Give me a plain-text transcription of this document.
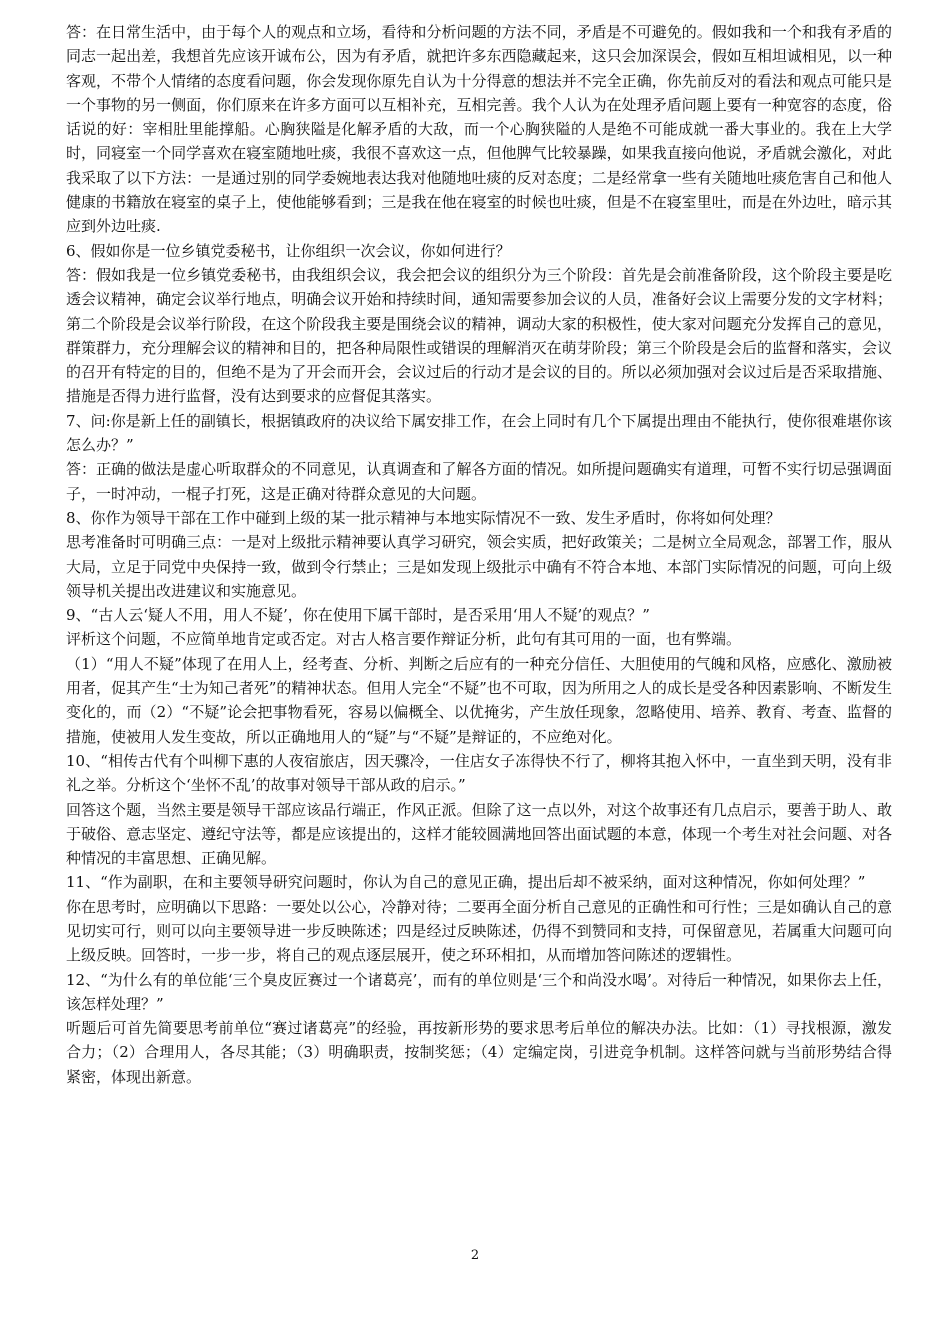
答：在日常生活中，由于每个人的观点和立场，看待和分析问题的方法不同，矛盾是不可避免的。假如我和一个和我有矛盾的同志一起出差，我想首先应该开诚布公，因为有矛盾，就把许多东西隐藏起来，这只会加深误会，假如互相坦诚相见，以一种客观，不带个人情绪的态度看问题，你会发现你原先自认为十分得意的想法并不完全正确，你先前反对的看法和观点可能只是一个事物的另一侧面，你们原来在许多方面可以互相补充，互相完善。我个人认为在处理矛盾问题上要有一种宽容的态度，俗话说的好：宰相肚里能撑船。心胸狭隘是化解矛盾的大敌，而一个心胸狭隘的人是绝不可能成就一番大事业的。我在上大学时，同寝室一个同学喜欢在寝室随地吐痰，我很不喜欢这一点，但他脾气比较暴躁，如果我直接向他说，矛盾就会激化，对此我采取了以下方法：一是通过别的同学委婉地表达我对他随地吐痰的反对态度；二是经常拿一些有关随地吐痰危害自己和他人健康的书籍放在寝室的桌子上，使他能够看到；三是我在他在寝室的时候也吐痰，但是不在寝室里吐，而是在外边吐，暗示其应到外边吐痰.

6、假如你是一位乡镇党委秘书，让你组织一次会议，你如何进行？

答：假如我是一位乡镇党委秘书，由我组织会议，我会把会议的组织分为三个阶段：首先是会前准备阶段，这个阶段主要是吃透会议精神，确定会议举行地点，明确会议开始和持续时间，通知需要参加会议的人员，准备好会议上需要分发的文字材料；第二个阶段是会议举行阶段，在这个阶段我主要是围绕会议的精神，调动大家的积极性，使大家对问题充分发挥自己的意见，群策群力，充分理解会议的精神和目的，把各种局限性或错误的理解消灭在萌芽阶段；第三个阶段是会后的监督和落实，会议的召开有特定的目的，但绝不是为了开会而开会，会议过后的行动才是会议的目的。所以必须加强对会议过后是否采取措施、措施是否得力进行监督，没有达到要求的应督促其落实。

7、问:你是新上任的副镇长，根据镇政府的决议给下属安排工作，在会上同时有几个下属提出理由不能执行，使你很难堪你该怎么办？”

答：正确的做法是虚心听取群众的不同意见，认真调查和了解各方面的情况。如所提问题确实有道理，可暂不实行切忌强调面子，一时冲动，一棍子打死，这是正确对待群众意见的大问题。

8、你作为领导干部在工作中碰到上级的某一批示精神与本地实际情况不一致、发生矛盾时，你将如何处理？

思考准备时可明确三点：一是对上级批示精神要认真学习研究，领会实质，把好政策关；二是树立全局观念，部署工作，服从大局，立足于同党中央保持一致，做到令行禁止；三是如发现上级批示中确有不符合本地、本部门实际情况的问题，可向上级领导机关提出改进建议和实施意见。

9、“古人云‘疑人不用，用人不疑’，你在使用下属干部时，是否采用‘用人不疑’的观点？”

评析这个问题，不应简单地肯定或否定。对古人格言要作辩证分析，此句有其可用的一面，也有弊端。

（1）“用人不疑”体现了在用人上，经考查、分析、判断之后应有的一种充分信任、大胆使用的气魄和风格，应感化、激励被用者，促其产生“士为知己者死”的精神状态。但用人完全“不疑”也不可取，因为所用之人的成长是受各种因素影响、不断发生变化的，而（2）“不疑”论会把事物看死，容易以偏概全、以优掩劣，产生放任现象，忽略使用、培养、教育、考查、监督的措施，使被用人发生变故，所以正确地用人的“疑”与“不疑”是辩证的，不应绝对化。

10、“相传古代有个叫柳下惠的人夜宿旅店，因天骤冷，一住店女子冻得快不行了，柳将其抱入怀中，一直坐到天明，没有非礼之举。分析这个‘坐怀不乱’的故事对领导干部从政的启示。”

回答这个题，当然主要是领导干部应该品行端正，作风正派。但除了这一点以外，对这个故事还有几点启示，要善于助人、敢于破俗、意志坚定、遵纪守法等，都是应该提出的，这样才能较圆满地回答出面试题的本意，体现一个考生对社会问题、对各种情况的丰富思想、正确见解。

11、“作为副职，在和主要领导研究问题时，你认为自己的意见正确，提出后却不被采纳，面对这种情况，你如何处理？”

你在思考时，应明确以下思路：一要处以公心，冷静对待；二要再全面分析自己意见的正确性和可行性；三是如确认自己的意见切实可行，则可以向主要领导进一步反映陈述；四是经过反映陈述，仍得不到赞同和支持，可保留意见，若属重大问题可向上级反映。回答时，一步一步，将自己的观点逐层展开，使之环环相扣，从而增加答问陈述的逻辑性。

12、“为什么有的单位能‘三个臭皮匠赛过一个诸葛亮’，而有的单位则是‘三个和尚没水喝’。对待后一种情况，如果你去上任，该怎样处理？”

听题后可首先简要思考前单位“赛过诸葛亮”的经验，再按新形势的要求思考后单位的解决办法。比如：（1）寻找根源，激发合力；（2）合理用人，各尽其能；（3）明确职责，按制奖惩；（4）定编定岗，引进竞争机制。这样答问就与当前形势结合得紧密，体现出新意。

2
